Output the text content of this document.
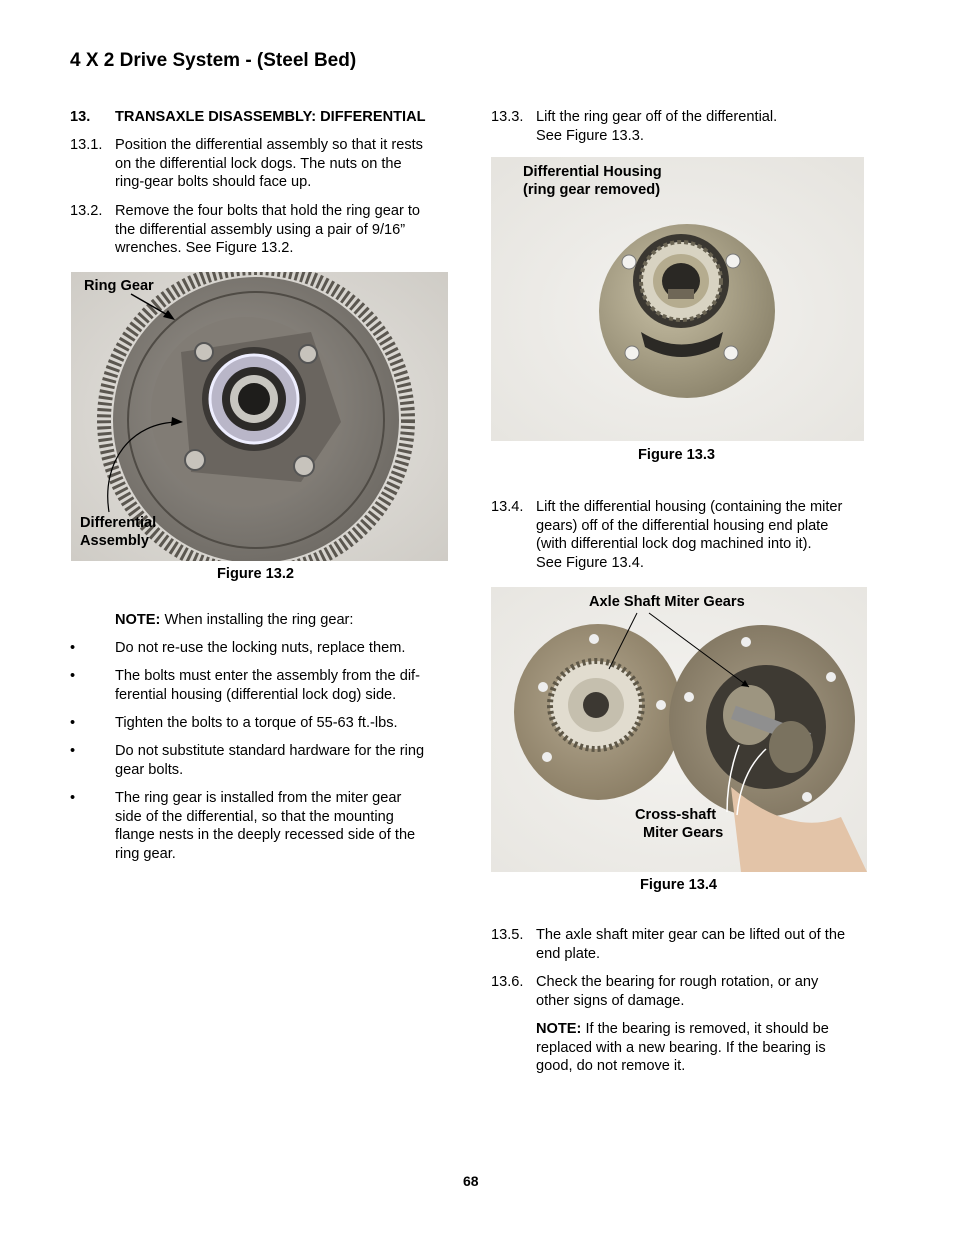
4 X 2 Drive System - (Steel Bed)
13. TRANSAXLE DISASSEMBLY: DIFFERENTIAL
13.1. Position the differential assembly so that it rests
on the differential lock dogs. The nuts on the
ring-gear bolts should face up.
13.2. Remove the four bolts that hold the ring gear to
the differential assembly using a pair of 9/16”
wrenches. See Figure 13.2.
Ring Gear
Differential
Assembly
Figure 13.2
NOTE: When installing the ring gear:
•	Do not re-use the locking nuts, replace them.
•	The bolts must enter the assembly from the dif-
ferential housing (differential lock dog) side.
•	Tighten the bolts to a torque of 55-63 ft.-lbs.
•	Do not substitute standard hardware for the ring
gear bolts.
•	The ring gear is installed from the miter gear
side of the differential, so that the mounting
flange nests in the deeply recessed side of the
ring gear.
13.3. Lift the ring gear off of the differential.
See Figure 13.3.
Differential Housing
(ring gear removed)
Figure 13.3
13.4. Lift the differential housing (containing the miter
gears) off of the differential housing end plate
(with differential lock dog machined into it).
See Figure 13.4.
Axle Shaft Miter Gears
Cross-shaft
Miter Gears
Figure 13.4
13.5. The axle shaft miter gear can be lifted out of the
end plate.
13.6. Check the bearing for rough rotation, or any
other signs of damage.
NOTE: If the bearing is removed, it should be
replaced with a new bearing. If the bearing is
good, do not remove it.
68
